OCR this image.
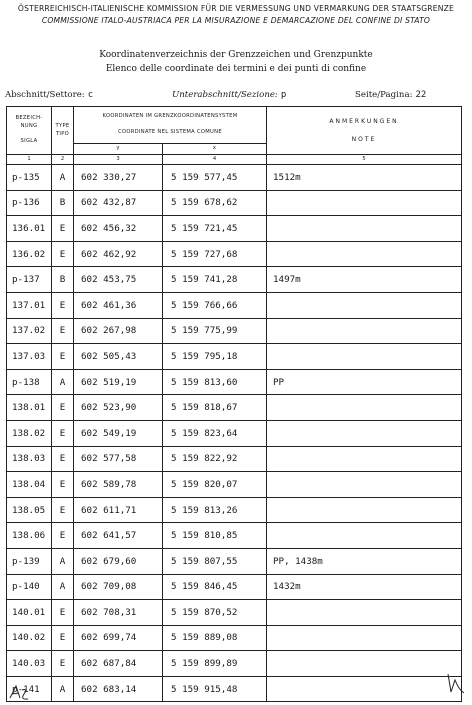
ÖSTERREICHISCH-ITALIENISCHE KOMMISSION FÜR DIE VERMESSUNG UND VERMARKUNG DER STAATSGRENZE
COMMISSIONE ITALO-AUSTRIACA PER LA MISURAZIONE E DEMARCAZIONE DEL CONFINE DI STATO
Koordinatenverzeichnis der Grenzzeichen und Grenzpunkte
Elenco delle coordinate dei termini e dei punti di confine
Abschnitt/Settore: c	Unterabschnitt/Sezione: p	Seite/Pagina: 22
BEZEICH-
NUNG

SIGLA	TYPE
TIPO	KOORDINATEN IM GRENZKOORDINATENSYSTEM

COORDINATE NEL SISTEMA COMUNE		ANMERKUNGEN

NOTE
		y	x	
1	2	3	4	5
p-135	A	602 330,27	5 159 577,45	1512m
p-136	B	602 432,87	5 159 678,62	
136.01	E	602 456,32	5 159 721,45	
136.02	E	602 462,92	5 159 727,68	
p-137	B	602 453,75	5 159 741,28	1497m
137.01	E	602 461,36	5 159 766,66	
137.02	E	602 267,98	5 159 775,99	
137.03	E	602 505,43	5 159 795,18	
p-138	A	602 519,19	5 159 813,60	PP
138.01	E	602 523,90	5 159 818,67	
138.02	E	602 549,19	5 159 823,64	
138.03	E	602 577,58	5 159 822,92	
138.04	E	602 589,78	5 159 820,07	
138.05	E	602 611,71	5 159 813,26	
138.06	E	602 641,57	5 159 810,85	
p-139	A	602 679,60	5 159 807,55	PP, 1438m
p-140	A	602 709,08	5 159 846,45	1432m
140.01	E	602 708,31	5 159 870,52	
140.02	E	602 699,74	5 159 889,08	
140.03	E	602 687,84	5 159 899,89	
p-141	A	602 683,14	5 159 915,48	
